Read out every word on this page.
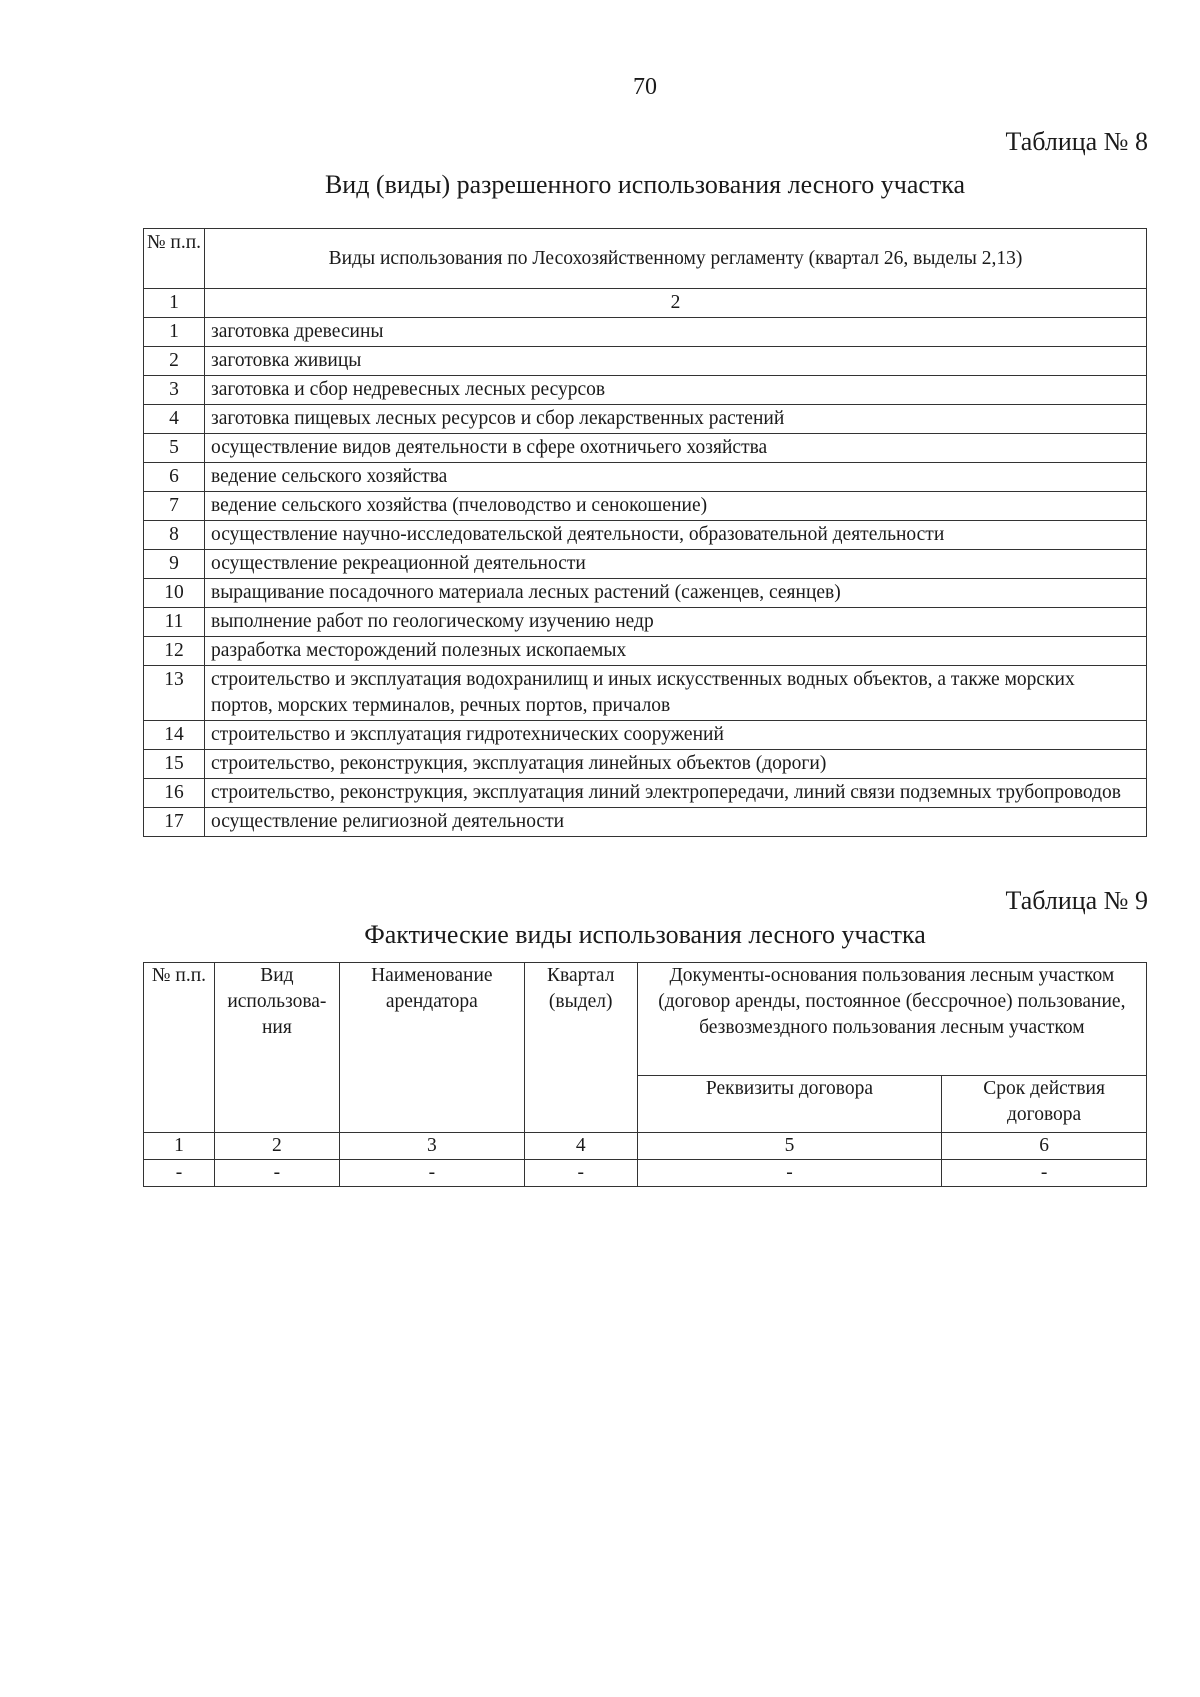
70
Таблица № 8
Вид (виды) разрешенного использования лесного участка
№ п.п.	Виды использования по Лесохозяйственному регламенту (квартал 26, выделы 2,13)
1	2
1	заготовка древесины
2	заготовка живицы
3	заготовка и сбор недревесных лесных ресурсов
4	заготовка пищевых лесных ресурсов и сбор лекарственных растений
5	осуществление видов деятельности в сфере охотничьего хозяйства
6	ведение сельского хозяйства
7	ведение сельского хозяйства (пчеловодство и сенокошение)
8	осуществление научно-исследовательской деятельности, образовательной деятельности
9	осуществление рекреационной деятельности
10	выращивание посадочного материала лесных растений (саженцев, сеянцев)
11	выполнение работ по геологическому изучению недр
12	разработка месторождений полезных ископаемых
13	строительство и эксплуатация водохранилищ и иных искусственных водных объектов, а также морских портов, морских терминалов, речных портов, причалов
14	строительство и эксплуатация гидротехнических сооружений
15	строительство, реконструкция, эксплуатация линейных объектов (дороги)
16	строительство, реконструкция, эксплуатация линий электропередачи, линий связи подземных трубопроводов
17	осуществление религиозной деятельности
Таблица № 9
Фактические виды использования лесного участка
№ п.п.	Вид использова-ния	Наименование арендатора	Квартал (выдел)	Документы-основания пользования лесным участком (договор аренды, постоянное (бессрочное) пользование, безвозмездного пользования лесным участком	
				Реквизиты договора	Срок действия договора
1	2	3	4	5	6
-	-	-	-	-	-
